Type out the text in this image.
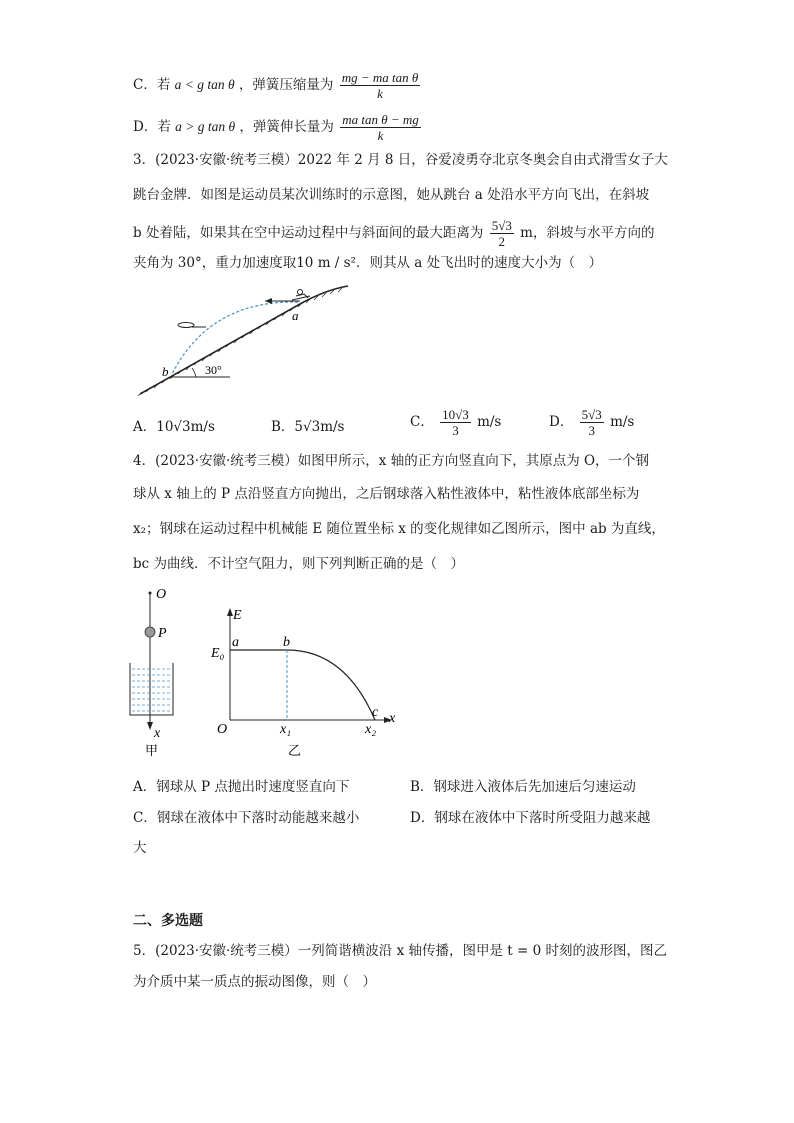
C．若 a < g tan θ ，弹簧压缩量为 $\frac{\text{mg − ma tan θ}}{k}$
D．若 a > g tan θ ，弹簧伸长量为 $\frac{\text{ma tan θ − mg}}{k}$
3．(2023·安徽·统考三模）2022 年 2 月 8 日，谷爱凌勇夺北京冬奥会自由式滑雪女子大
跳台金牌．如图是运动员某次训练时的示意图，她从跳台 a 处沿水平方向飞出，在斜坡
b 处着陆，如果其在空中运动过程中与斜面间的最大距离为 $\frac{5√3}{2}$ m，斜坡与水平方向的
夹角为 30°，重力加速度取10 m / s²．则其从 a 处飞出时的速度大小为（　）
a
b	30°
A．10√3m/s	B．5√3m/s	C． $\frac{10√3}{3} m/s$	D． $\frac{5√3}{3} m/s$
4．(2023·安徽·统考三模）如图甲所示，x 轴的正方向竖直向下，其原点为 O，一个钢
球从 x 轴上的 P 点沿竖直方向抛出，之后钢球落入粘性液体中，粘性液体底部坐标为
x₂；钢球在运动过程中机械能 E 随位置坐标 x 的变化规律如乙图所示，图中 ab 为直线，
bc 为曲线．不计空气阻力，则下列判断正确的是（　）
O
P
x
甲
E
E₀
a	b
c
O	x₁	x₂
x
乙
A．钢球从 P 点抛出时速度竖直向下	B．钢球进入液体后先加速后匀速运动
C．钢球在液体中下落时动能越来越小	D．钢球在液体中下落时所受阻力越来越
大
二、多选题
5．(2023·安徽·统考三模）一列简谐横波沿 x 轴传播，图甲是 t = 0 时刻的波形图，图乙
为介质中某一质点的振动图像，则（　）
